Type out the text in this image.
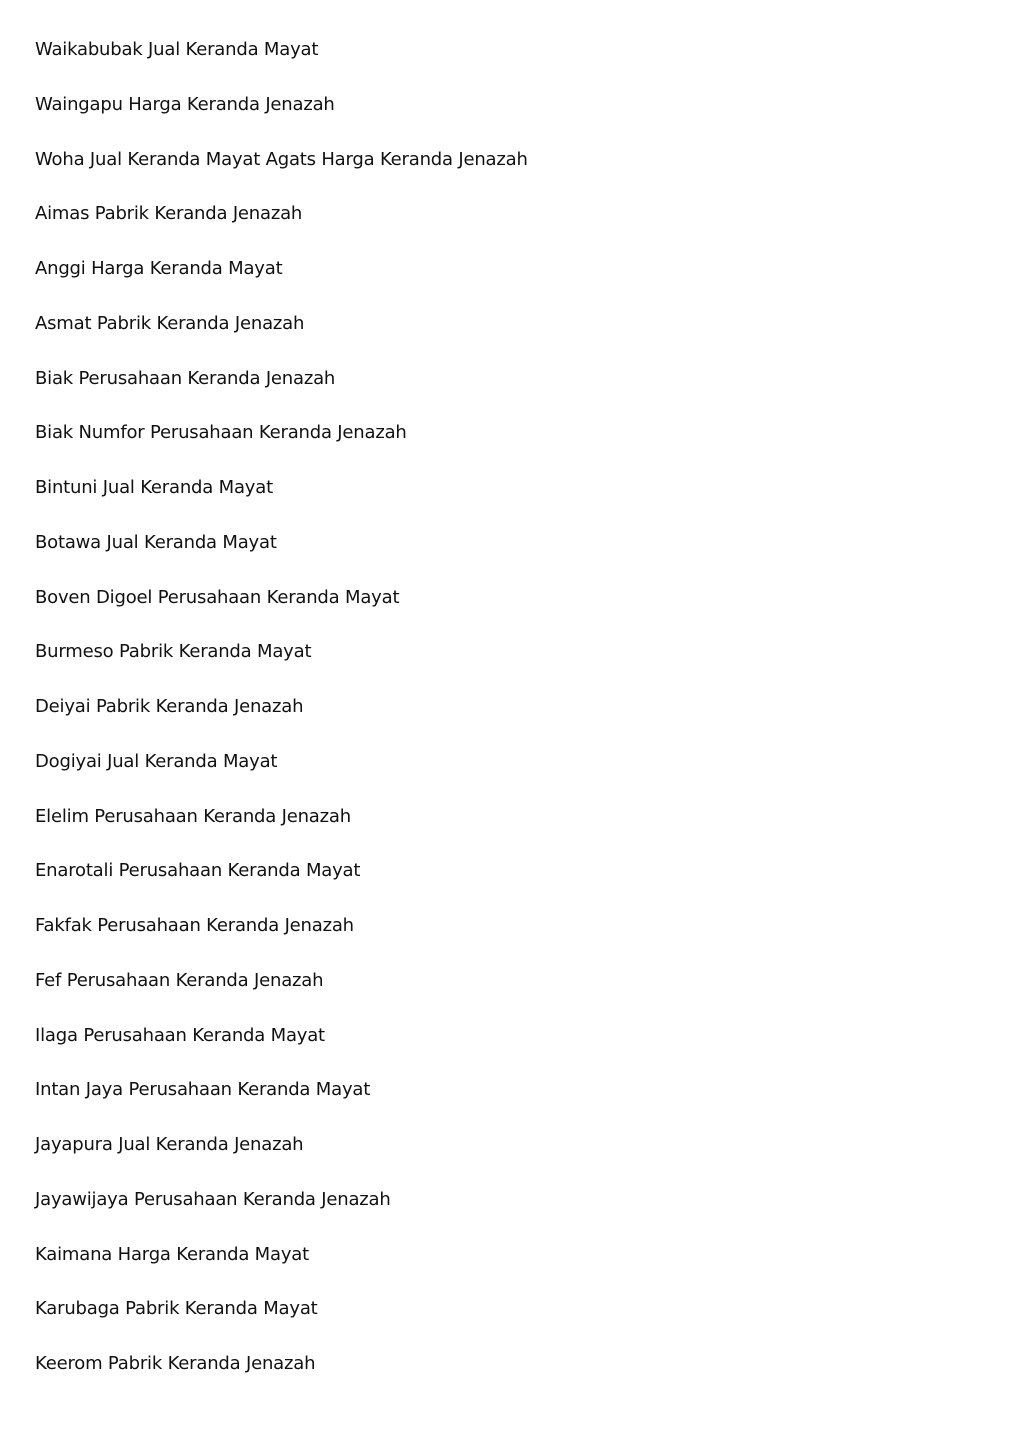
Waikabubak Jual Keranda Mayat
Waingapu Harga Keranda Jenazah
Woha Jual Keranda Mayat Agats Harga Keranda Jenazah
Aimas Pabrik Keranda Jenazah
Anggi Harga Keranda Mayat
Asmat Pabrik Keranda Jenazah
Biak Perusahaan Keranda Jenazah
Biak Numfor Perusahaan Keranda Jenazah
Bintuni Jual Keranda Mayat
Botawa Jual Keranda Mayat
Boven Digoel Perusahaan Keranda Mayat
Burmeso Pabrik Keranda Mayat
Deiyai Pabrik Keranda Jenazah
Dogiyai Jual Keranda Mayat
Elelim Perusahaan Keranda Jenazah
Enarotali Perusahaan Keranda Mayat
Fakfak Perusahaan Keranda Jenazah
Fef Perusahaan Keranda Jenazah
Ilaga Perusahaan Keranda Mayat
Intan Jaya Perusahaan Keranda Mayat
Jayapura Jual Keranda Jenazah
Jayawijaya Perusahaan Keranda Jenazah
Kaimana Harga Keranda Mayat
Karubaga Pabrik Keranda Mayat
Keerom Pabrik Keranda Jenazah
